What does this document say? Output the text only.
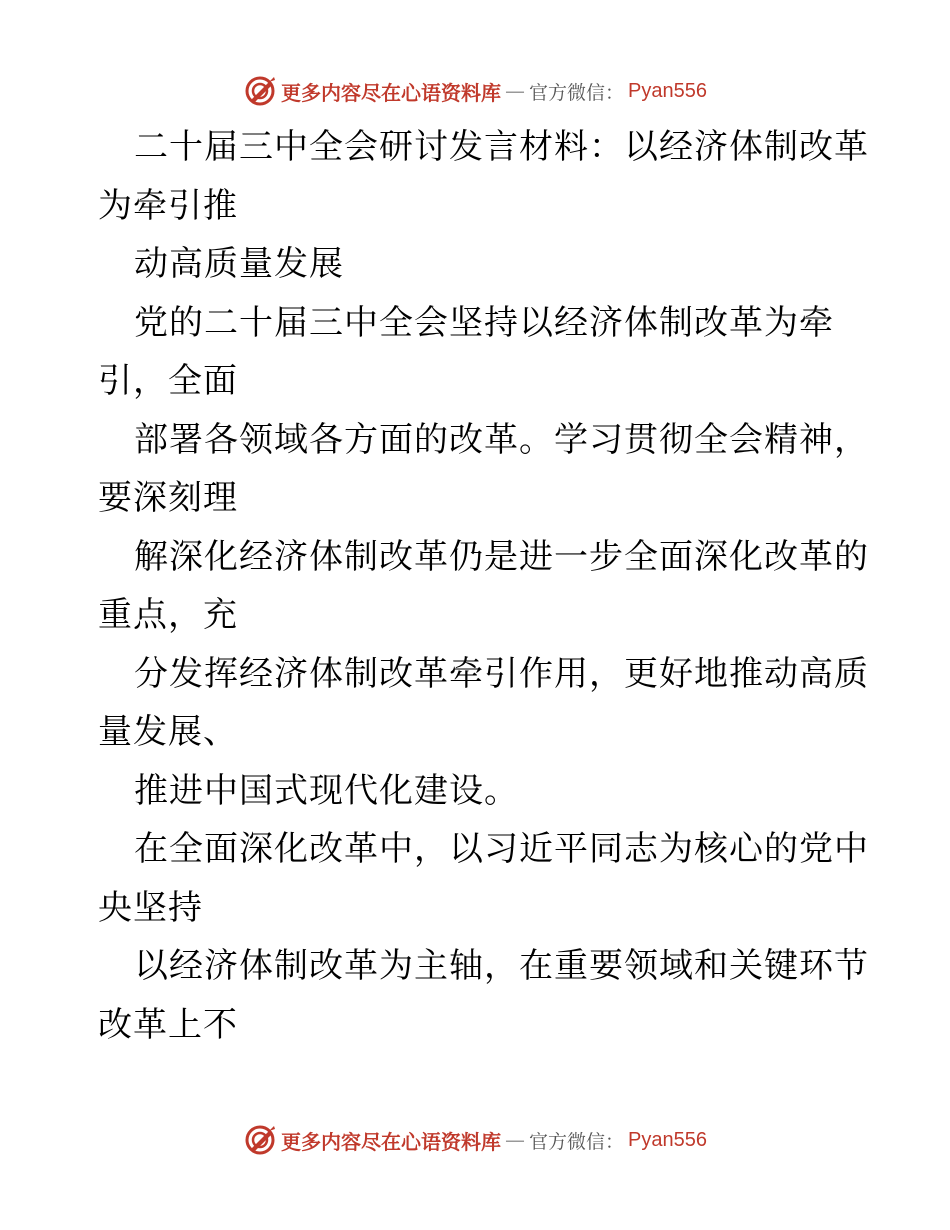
更多内容尽在心语资料库 — 官方微信： Pyan556
二十届三中全会研讨发言材料：以经济体制改革
为牵引推
动高质量发展
党的二十届三中全会坚持以经济体制改革为牵
引，全面
部署各领域各方面的改革。学习贯彻全会精神，
要深刻理
解深化经济体制改革仍是进一步全面深化改革的
重点，充
分发挥经济体制改革牵引作用，更好地推动高质
量发展、
推进中国式现代化建设。
在全面深化改革中，以习近平同志为核心的党中
央坚持
以经济体制改革为主轴，在重要领域和关键环节
改革上不
更多内容尽在心语资料库 — 官方微信： Pyan556
